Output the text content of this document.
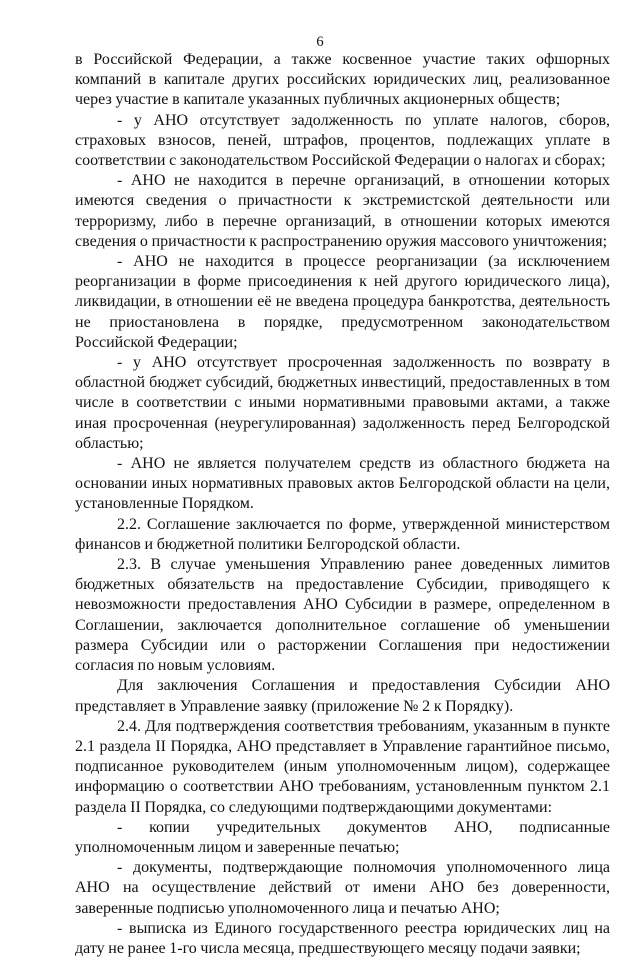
6

в Российской Федерации, а также косвенное участие таких офшорных компаний в капитале других российских юридических лиц, реализованное через участие в капитале указанных публичных акционерных обществ;

- у АНО отсутствует задолженность по уплате налогов, сборов, страховых взносов, пеней, штрафов, процентов, подлежащих уплате в соответствии с законодательством Российской Федерации о налогах и сборах;

- АНО не находится в перечне организаций, в отношении которых имеются сведения о причастности к экстремистской деятельности или терроризму, либо в перечне организаций, в отношении которых имеются сведения о причастности к распространению оружия массового уничтожения;

- АНО не находится в процессе реорганизации (за исключением реорганизации в форме присоединения к ней другого юридического лица), ликвидации, в отношении её не введена процедура банкротства, деятельность не приостановлена в порядке, предусмотренном законодательством Российской Федерации;

- у АНО отсутствует просроченная задолженность по возврату в областной бюджет субсидий, бюджетных инвестиций, предоставленных в том числе в соответствии с иными нормативными правовыми актами, а также иная просроченная (неурегулированная) задолженность перед Белгородской областью;

- АНО не является получателем средств из областного бюджета на основании иных нормативных правовых актов Белгородской области на цели, установленные Порядком.

2.2. Соглашение заключается по форме, утвержденной министерством финансов и бюджетной политики Белгородской области.

2.3. В случае уменьшения Управлению ранее доведенных лимитов бюджетных обязательств на предоставление Субсидии, приводящего к невозможности предоставления АНО Субсидии в размере, определенном в Соглашении, заключается дополнительное соглашение об уменьшении размера Субсидии или о расторжении Соглашения при недостижении согласия по новым условиям.

Для заключения Соглашения и предоставления Субсидии АНО представляет в Управление заявку (приложение № 2 к Порядку).

2.4. Для подтверждения соответствия требованиям, указанным в пункте 2.1 раздела II Порядка, АНО представляет в Управление гарантийное письмо, подписанное руководителем (иным уполномоченным лицом), содержащее информацию о соответствии АНО требованиям, установленным пунктом 2.1 раздела II Порядка, со следующими подтверждающими документами:

- копии учредительных документов АНО, подписанные уполномоченным лицом и заверенные печатью;

- документы, подтверждающие полномочия уполномоченного лица АНО на осуществление действий от имени АНО без доверенности, заверенные подписью уполномоченного лица и печатью АНО;

- выписка из Единого государственного реестра юридических лиц на дату не ранее 1-го числа месяца, предшествующего месяцу подачи заявки;
